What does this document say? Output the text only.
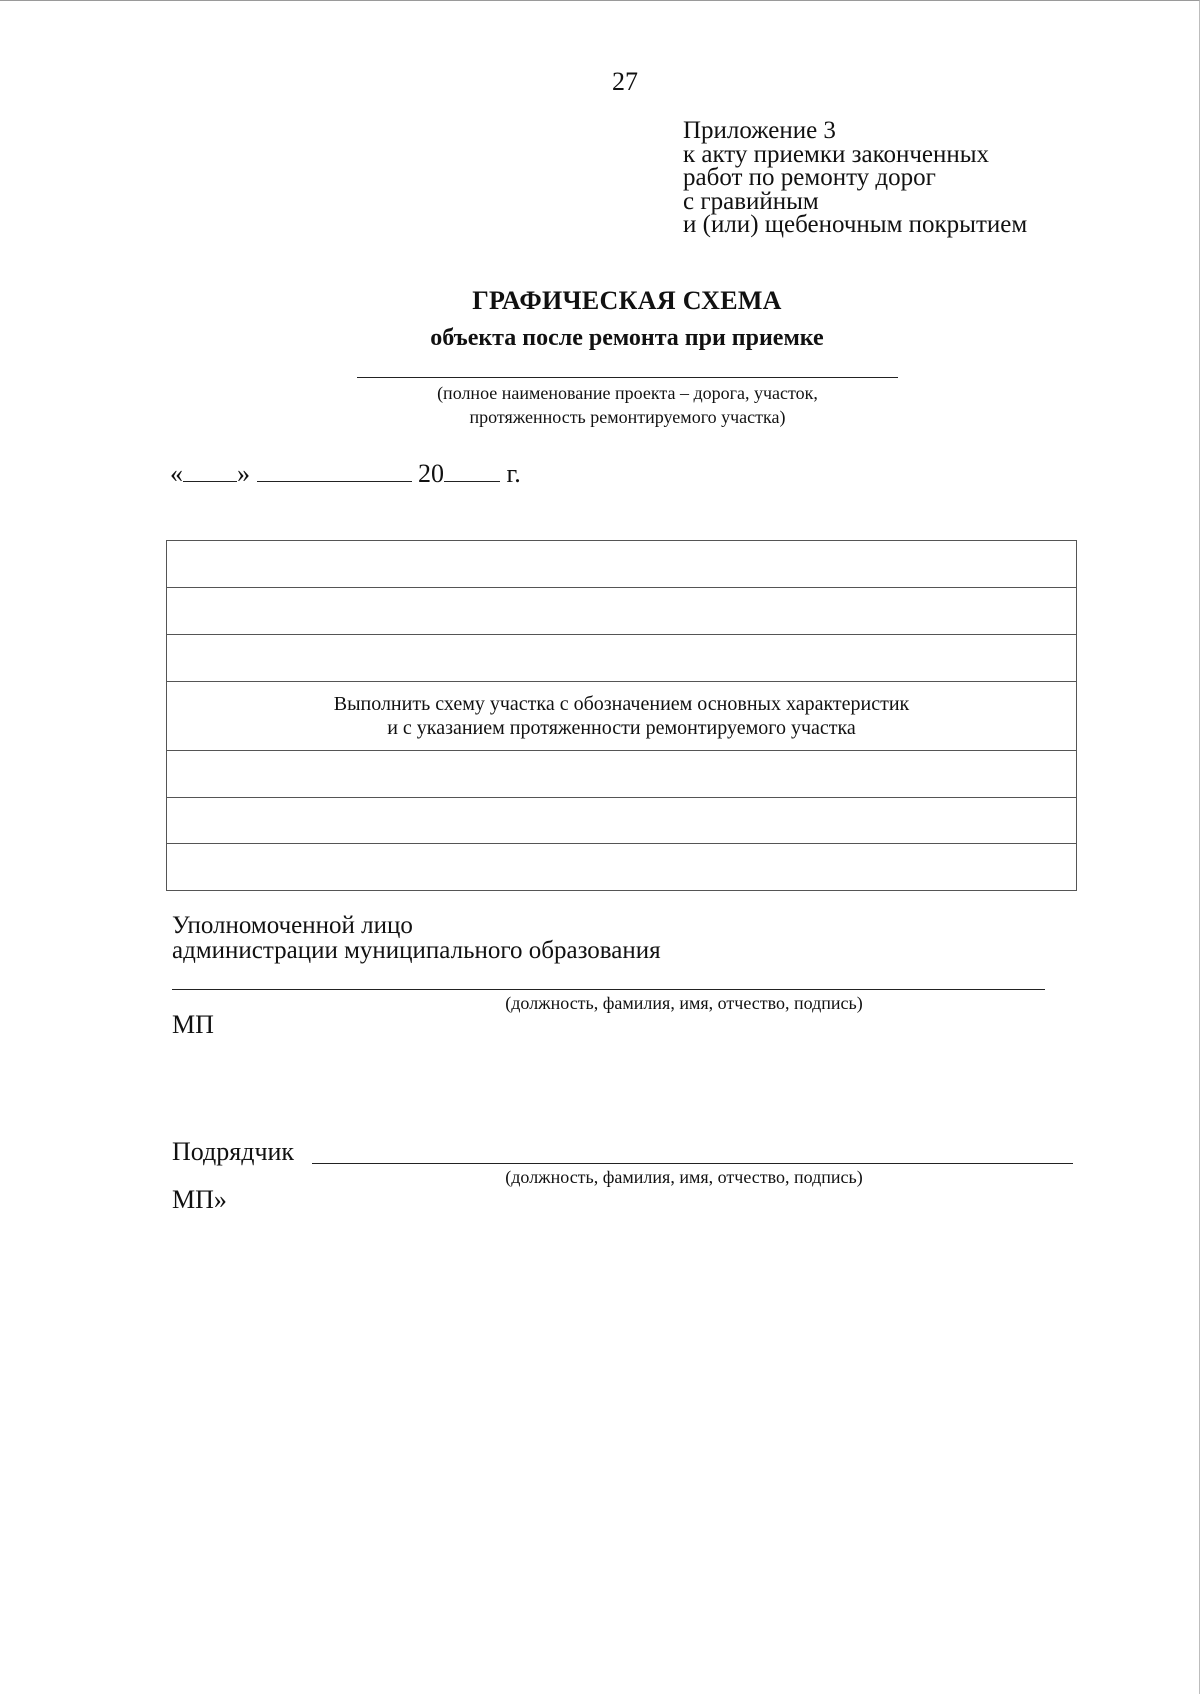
27
Приложение 3
к акту приемки законченных
работ по ремонту дорог
с гравийным
и (или) щебеночным покрытием
ГРАФИЧЕСКАЯ СХЕМА
объекта после ремонта при приемке
(полное наименование проекта – дорога, участок,
протяженность ремонтируемого участка)
« »	20 г.

Выполнить схему участка с обозначением основных характеристик
и с указанием протяженности ремонтируемого участка

Уполномоченной лицо
администрации муниципального образования
(должность, фамилия, имя, отчество, подпись)
МП
Подрядчик
(должность, фамилия, имя, отчество, подпись)
МП»
